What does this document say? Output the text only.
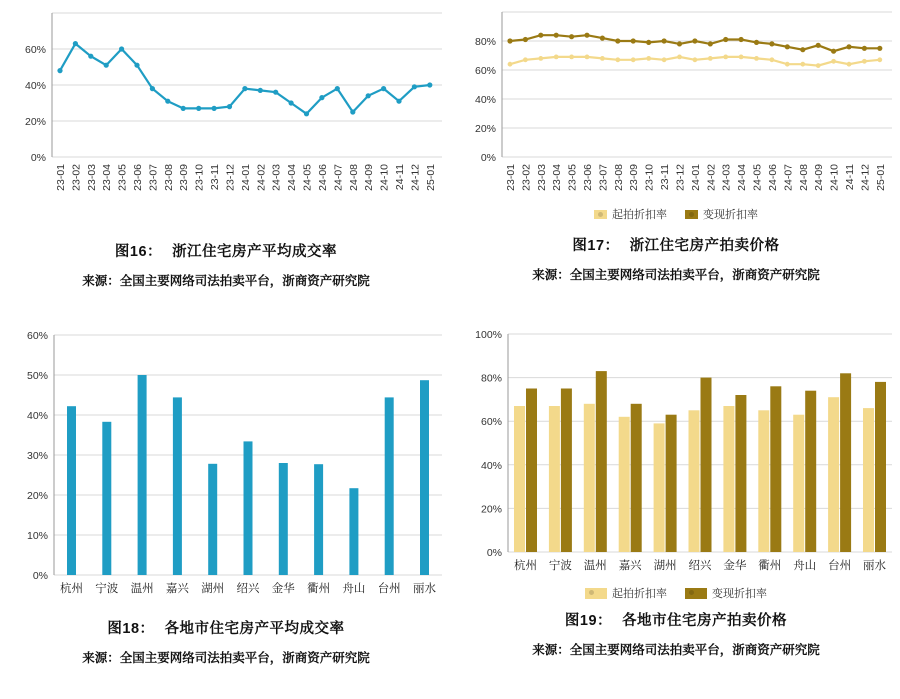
0%
20%
40%
60%
23-01 23-02 23-03 23-04 23-05 23-06 23-07 23-08 23-09 23-10 23-11 23-12 24-01 24-02 24-03 24-04 24-05 24-06 24-07 24-08 24-09 24-10 24-11 24-12 25-01
图16： 浙江住宅房产平均成交率
来源：全国主要网络司法拍卖平台，浙商资产研究院
0%
20%
40%
60%
80%
23-01 23-02 23-03 23-04 23-05 23-06 23-07 23-08 23-09 23-10 23-11 23-12 24-01 24-02 24-03 24-04 24-05 24-06 24-07 24-08 24-09 24-10 24-11 24-12 25-01
起拍折扣率	变现折扣率
图17： 浙江住宅房产拍卖价格
来源：全国主要网络司法拍卖平台，浙商资产研究院
0%
10%
20%
30%
40%
50%
60%
杭州 宁波 温州 嘉兴 湖州 绍兴 金华 衢州 舟山 台州 丽水
图18： 各地市住宅房产平均成交率
来源：全国主要网络司法拍卖平台，浙商资产研究院
0%
20%
40%
60%
80%
100%
杭州 宁波 温州 嘉兴 湖州 绍兴 金华 衢州 舟山 台州 丽水
起拍折扣率	变现折扣率
图19： 各地市住宅房产拍卖价格
来源：全国主要网络司法拍卖平台，浙商资产研究院
